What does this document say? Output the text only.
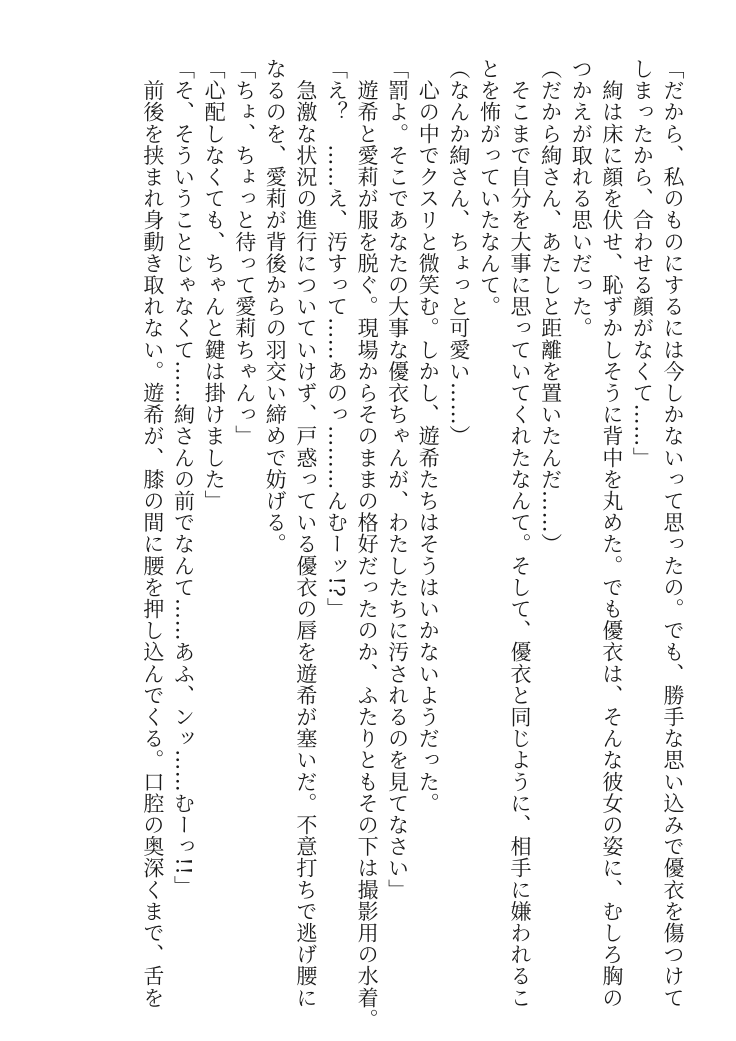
「だから、私のものにするには今しかないって思ったの。でも、勝手な思い込みで優衣を傷つけて
しまったから、合わせる顔がなくて……」
　絢は床に顔を伏せ、恥ずかしそうに背中を丸めた。でも優衣は、そんな彼女の姿に、むしろ胸の
つかえが取れる思いだった。
（だから絢さん、あたしと距離を置いたんだ……）
　そこまで自分を大事に思っていてくれたなんて。そして、優衣と同じように、相手に嫌われるこ
とを怖がっていたなんて。
（なんか絢さん、ちょっと可愛い……）
　心の中でクスリと微笑む。しかし、遊希たちはそうはいかないようだった。
「罰よ。そこであなたの大事な優衣ちゃんが、わたしたちに汚されるのを見てなさい」
　遊希と愛莉が服を脱ぐ。現場からそのままの格好だったのか、ふたりともその下は撮影用の水着。
「え？　……え、汚すって……あのっ………んむーッ!?」
　急激な状況の進行についていけず、戸惑っている優衣の唇を遊希が塞いだ。不意打ちで逃げ腰に
なるのを、愛莉が背後からの羽交い締めで妨げる。
「ちょ、ちょっと待って愛莉ちゃんっ」
「心配しなくても、ちゃんと鍵は掛けました」
「そ、そういうことじゃなくて……絢さんの前でなんて……あふ、ンッ……むーっ!!」
　前後を挟まれ身動き取れない。遊希が、膝の間に腰を押し込んでくる。口腔の奥深くまで、舌を
